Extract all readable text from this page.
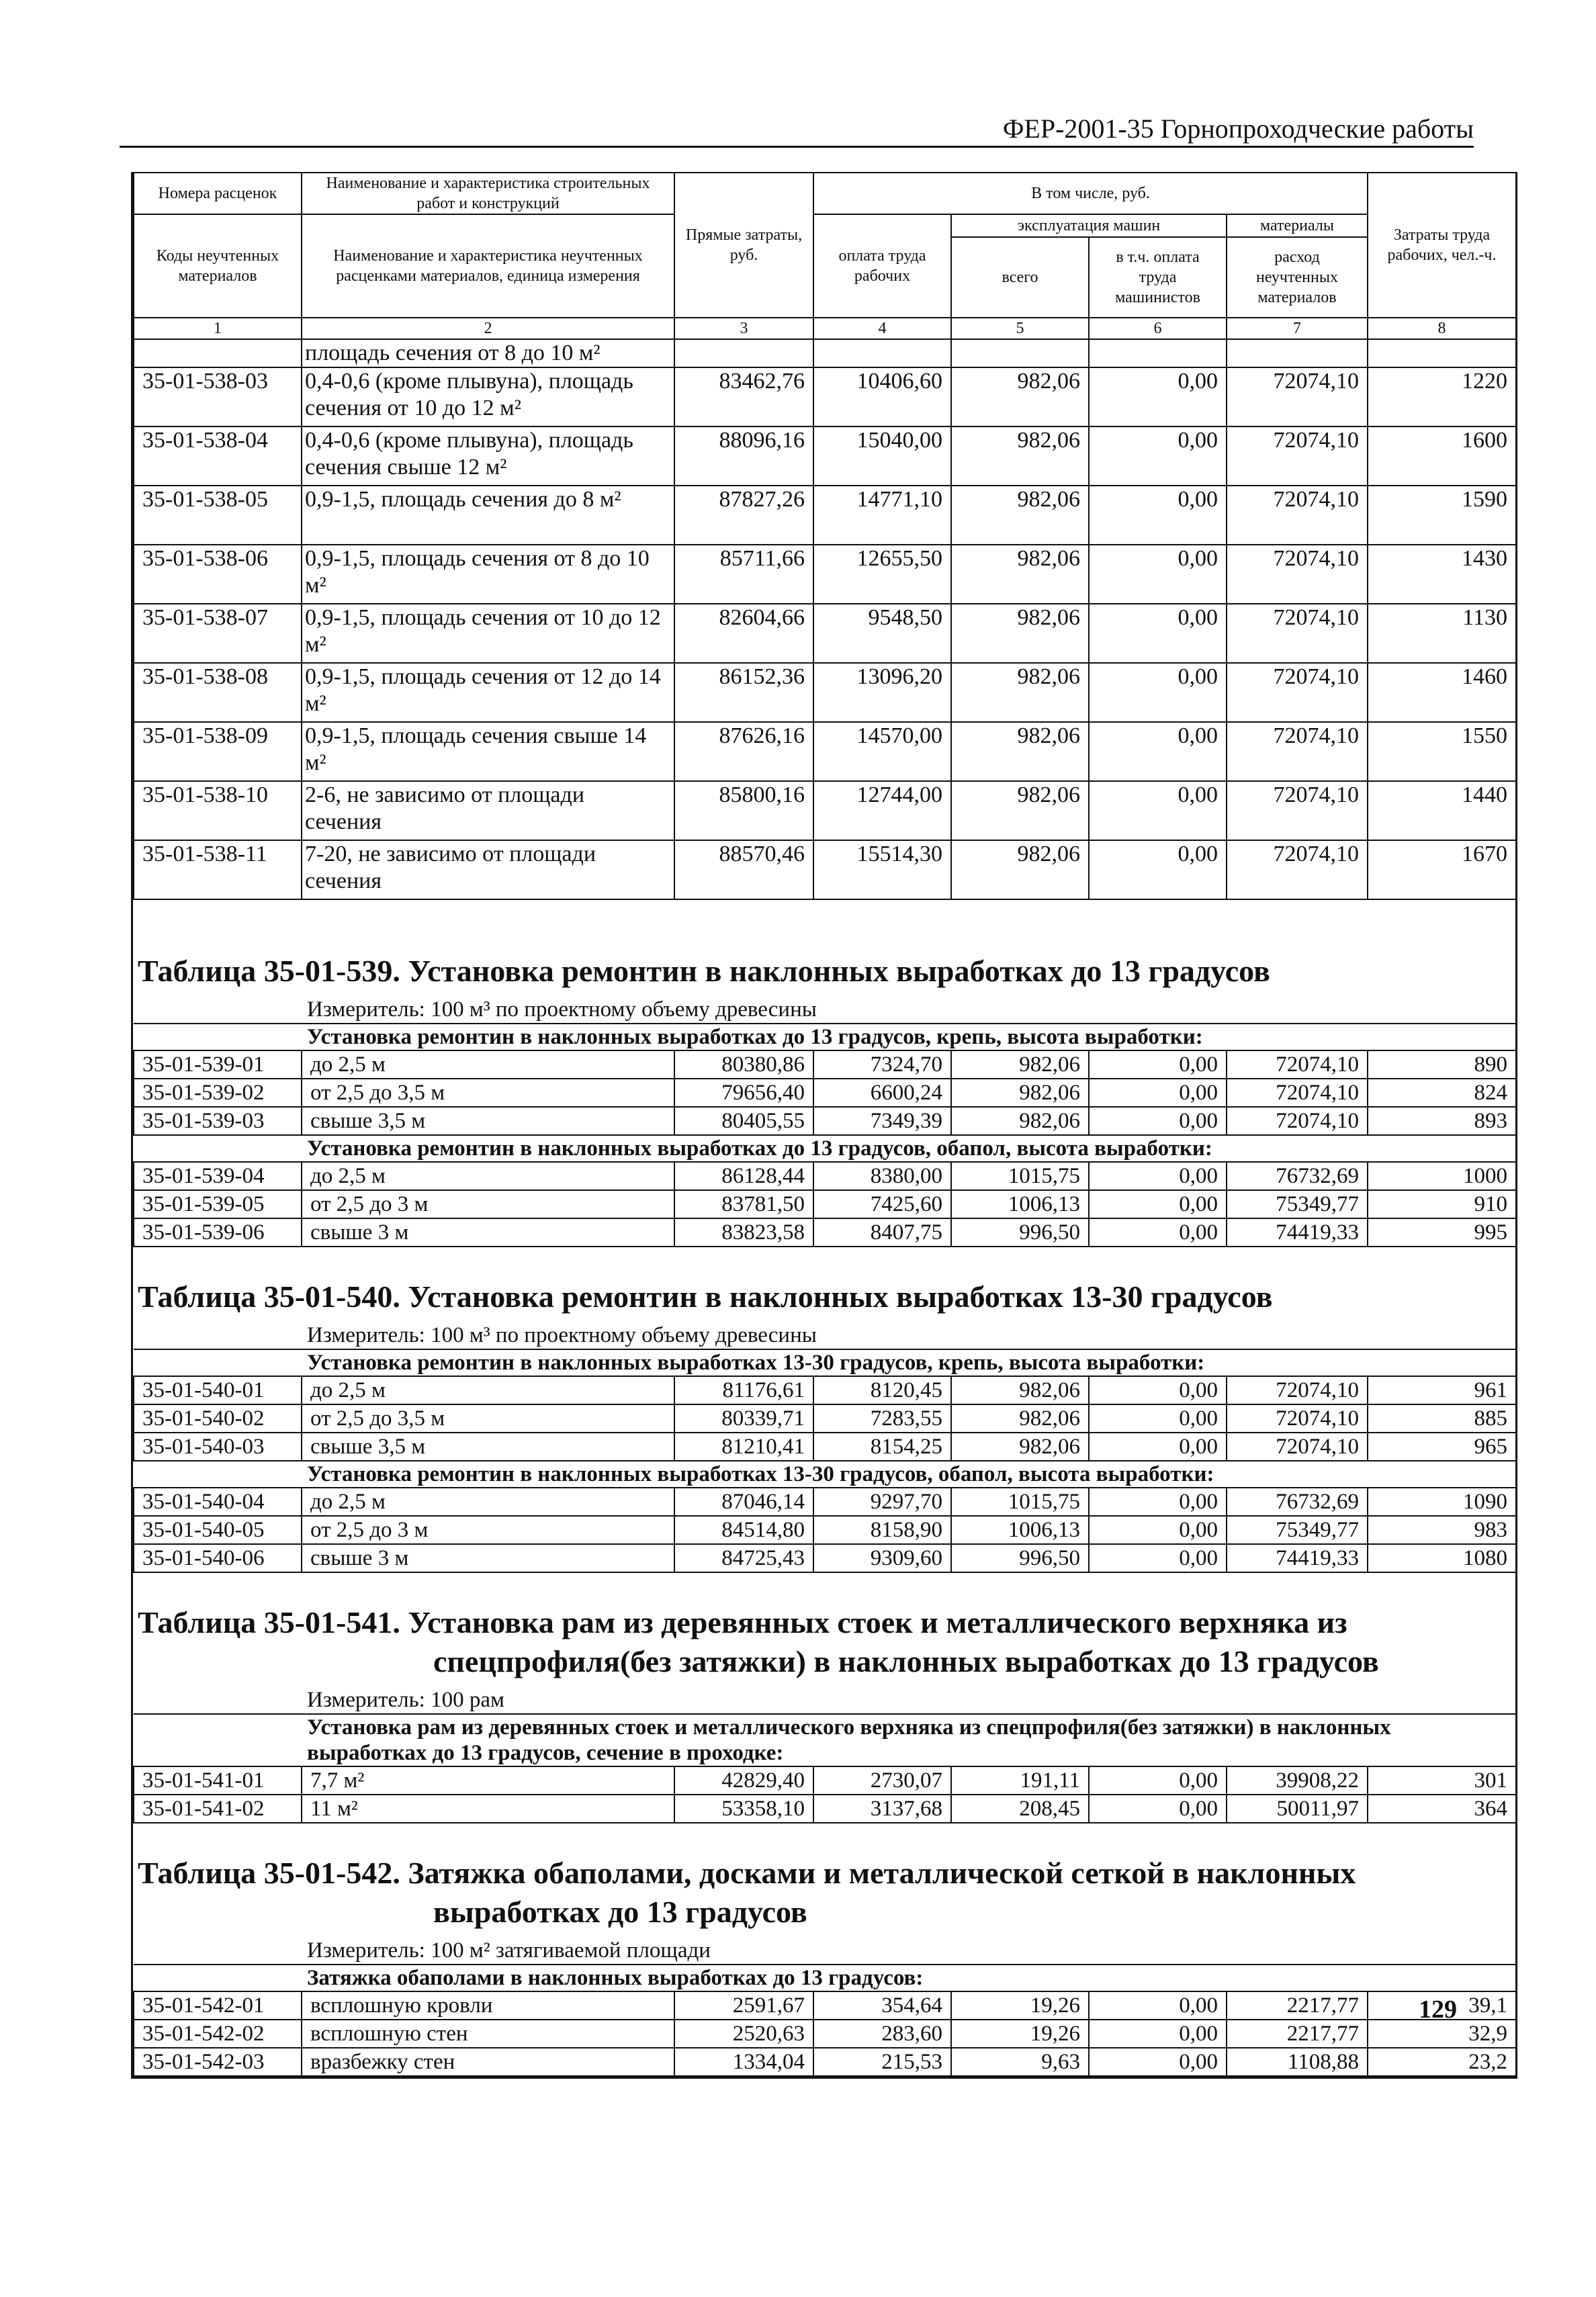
ФЕР-2001-35 Горнопроходческие работы
Номера расценок	Наименование и характеристика строительных работ и конструкций	Прямые затраты, руб.	В том числе, руб.				Затраты труда рабочих, чел.-ч.
Коды неучтенных материалов	Наименование и характеристика неучтенных расценками материалов, единица измерения		оплата труда рабочих	эксплуатация машин		материалы	
				всего	в т.ч. оплата труда машинистов	расход неучтенных материалов	
1	2	3	4	5	6	7	8
	площадь сечения от 8 до 10 м²						
35-01-538-03	0,4-0,6 (кроме плывуна), площадь сечения от 10 до 12 м²	83462,76	10406,60	982,06	0,00	72074,10	1220
35-01-538-04	0,4-0,6 (кроме плывуна), площадь сечения свыше 12 м²	88096,16	15040,00	982,06	0,00	72074,10	1600
35-01-538-05	0,9-1,5, площадь сечения до 8 м²	87827,26	14771,10	982,06	0,00	72074,10	1590
35-01-538-06	0,9-1,5, площадь сечения от 8 до 10 м²	85711,66	12655,50	982,06	0,00	72074,10	1430
35-01-538-07	0,9-1,5, площадь сечения от 10 до 12 м²	82604,66	9548,50	982,06	0,00	72074,10	1130
35-01-538-08	0,9-1,5, площадь сечения от 12 до 14 м²	86152,36	13096,20	982,06	0,00	72074,10	1460
35-01-538-09	0,9-1,5, площадь сечения свыше 14 м²	87626,16	14570,00	982,06	0,00	72074,10	1550
35-01-538-10	2-6, не зависимо от площади сечения	85800,16	12744,00	982,06	0,00	72074,10	1440
35-01-538-11	7-20, не зависимо от площади сечения	88570,46	15514,30	982,06	0,00	72074,10	1670

Таблица 35-01-539. Установка ремонтин в наклонных выработках до 13 градусов							
Измеритель: 100 м³ по проектному объему древесины							
Установка ремонтин в наклонных выработках до 13 градусов, крепь, высота выработки:							
35-01-539-01	до 2,5 м	80380,86	7324,70	982,06	0,00	72074,10	890
35-01-539-02	от 2,5 до 3,5 м	79656,40	6600,24	982,06	0,00	72074,10	824
35-01-539-03	свыше 3,5 м	80405,55	7349,39	982,06	0,00	72074,10	893
Установка ремонтин в наклонных выработках до 13 градусов, обапол, высота выработки:							
35-01-539-04	до 2,5 м	86128,44	8380,00	1015,75	0,00	76732,69	1000
35-01-539-05	от 2,5 до 3 м	83781,50	7425,60	1006,13	0,00	75349,77	910
35-01-539-06	свыше 3 м	83823,58	8407,75	996,50	0,00	74419,33	995

Таблица 35-01-540. Установка ремонтин в наклонных выработках 13-30 градусов							
Измеритель: 100 м³ по проектному объему древесины							
Установка ремонтин в наклонных выработках 13-30 градусов, крепь, высота выработки:							
35-01-540-01	до 2,5 м	81176,61	8120,45	982,06	0,00	72074,10	961
35-01-540-02	от 2,5 до 3,5 м	80339,71	7283,55	982,06	0,00	72074,10	885
35-01-540-03	свыше 3,5 м	81210,41	8154,25	982,06	0,00	72074,10	965
Установка ремонтин в наклонных выработках 13-30 градусов, обапол, высота выработки:							
35-01-540-04	до 2,5 м	87046,14	9297,70	1015,75	0,00	76732,69	1090
35-01-540-05	от 2,5 до 3 м	84514,80	8158,90	1006,13	0,00	75349,77	983
35-01-540-06	свыше 3 м	84725,43	9309,60	996,50	0,00	74419,33	1080

Таблица 35-01-541. Установка рам из деревянных стоек и металлического верхняка из
спецпрофиля(без затяжки) в наклонных выработках до 13 градусов							

Измеритель: 100 рам							
Установка рам из деревянных стоек и металлического верхняка из спецпрофиля(без затяжки) в наклонных выработках до 13 градусов, сечение в проходке:							
35-01-541-01	7,7 м²	42829,40	2730,07	191,11	0,00	39908,22	301
35-01-541-02	11 м²	53358,10	3137,68	208,45	0,00	50011,97	364

Таблица 35-01-542. Затяжка обаполами, досками и металлической сеткой в наклонных
выработках до 13 градусов							

Измеритель: 100 м² затягиваемой площади							
Затяжка обаполами в наклонных выработках до 13 градусов:							
35-01-542-01	всплошную кровли	2591,67	354,64	19,26	0,00	2217,77	39,1
35-01-542-02	всплошную стен	2520,63	283,60	19,26	0,00	2217,77	32,9
35-01-542-03	вразбежку стен	1334,04	215,53	9,63	0,00	1108,88	23,2
129
